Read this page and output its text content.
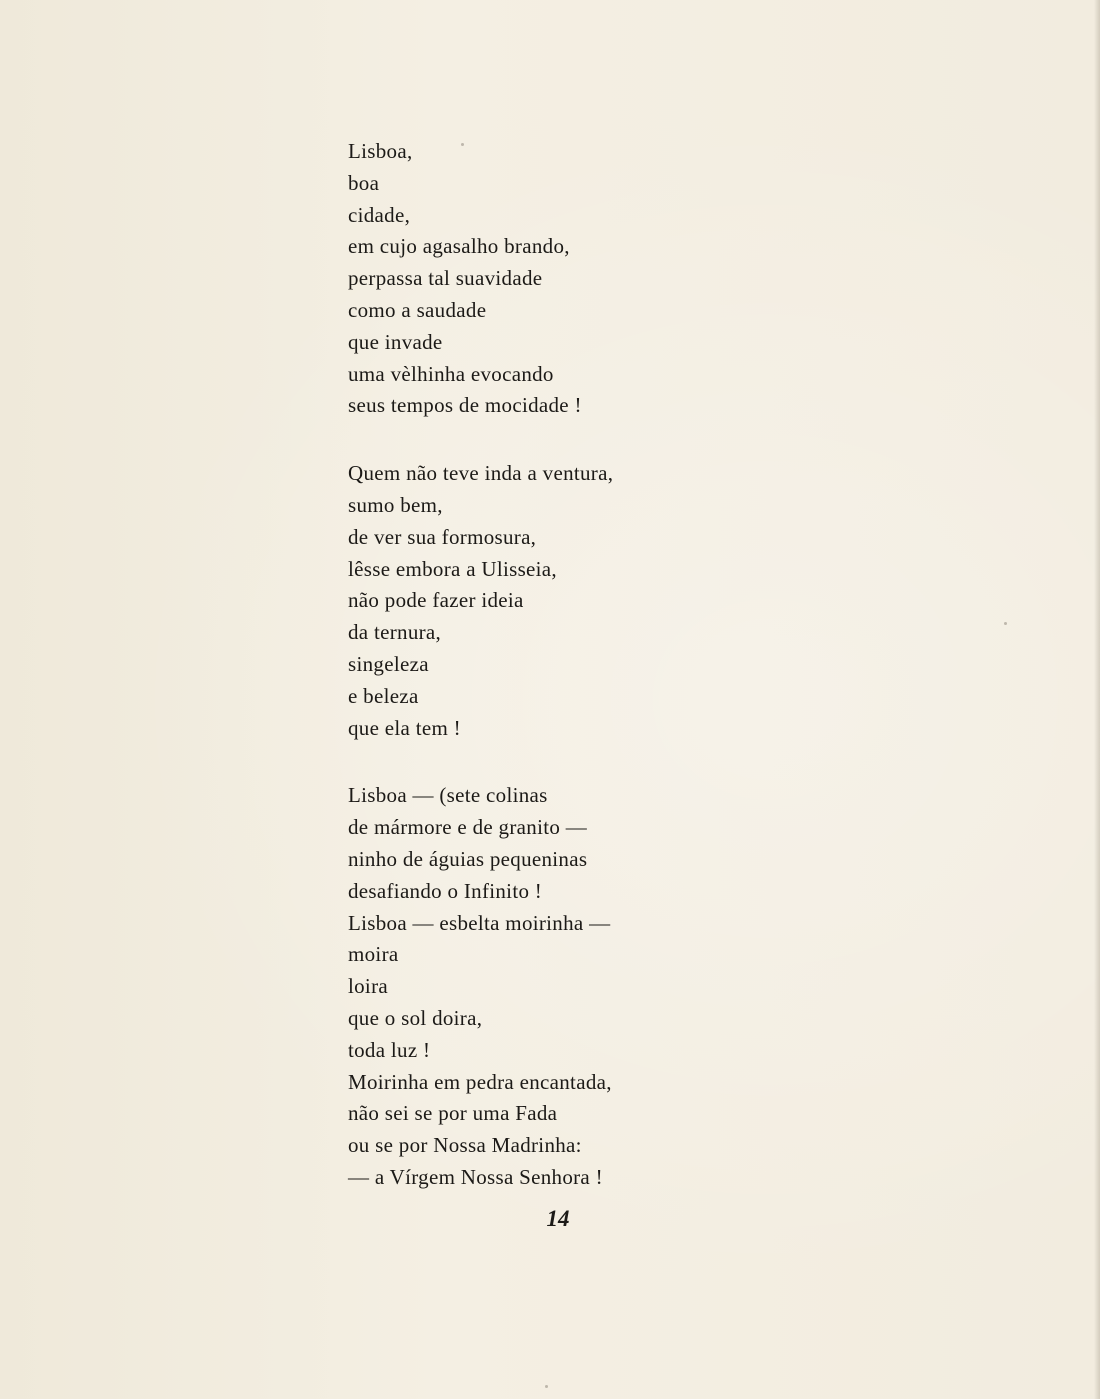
Lisboa,
boa
cidade,
em cujo agasalho brando,
perpassa tal suavidade
como a saudade
que invade
uma vèlhinha evocando
seus tempos de mocidade !
Quem não teve inda a ventura,
sumo bem,
de ver sua formosura,
lêsse embora a Ulisseia,
não pode fazer ideia
da ternura,
singeleza
e beleza
que ela tem !
Lisboa — (sete colinas
de mármore e de granito —
ninho de águias pequeninas
desafiando o Infinito !
Lisboa — esbelta moirinha —
moira
loira
que o sol doira,
toda luz !
Moirinha em pedra encantada,
não sei se por uma Fada
ou se por Nossa Madrinha:
— a Vírgem Nossa Senhora !
14
